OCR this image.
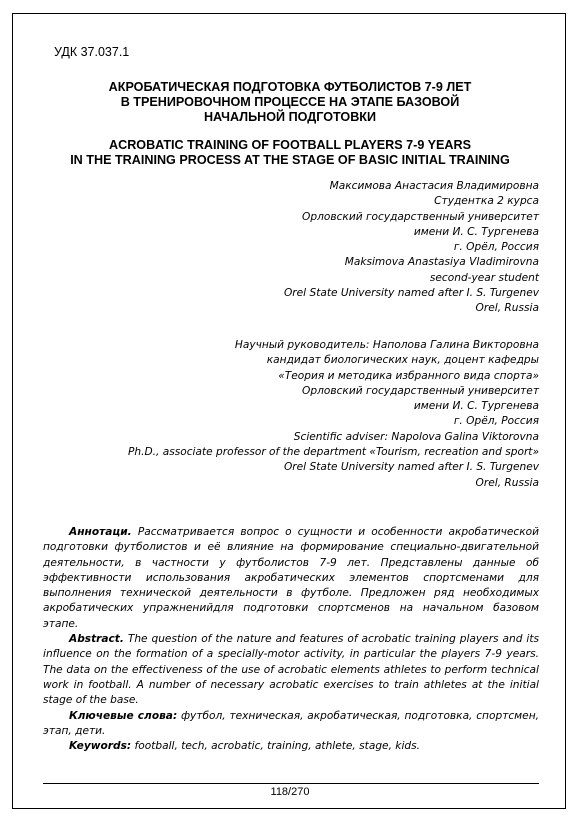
УДК 37.037.1
АКРОБАТИЧЕСКАЯ ПОДГОТОВКА ФУТБОЛИСТОВ 7-9 ЛЕТ
В ТРЕНИРОВОЧНОМ ПРОЦЕССЕ НА ЭТАПЕ БАЗОВОЙ
НАЧАЛЬНОЙ ПОДГОТОВКИ
ACROBATIC TRAINING OF FOOTBALL PLAYERS 7-9 YEARS
IN THE TRAINING PROCESS AT THE STAGE OF BASIC INITIAL TRAINING
Максимова Анастасия Владимировна
Студентка 2 курса
Орловский государственный университет
имени И. С. Тургенева
г. Орёл, Россия
Maksimova Anastasiya Vladimirovna
second-year student
Orel State University named after I. S. Turgenev
Orel, Russia
Научный руководитель: Наполова Галина Викторовна
кандидат биологических наук, доцент кафедры
«Теория и методика избранного вида спорта»
Орловский государственный университет
имени И. С. Тургенева
г. Орёл, Россия
Scientific adviser: Napolova Galina Viktorovna
Ph.D., associate professor of the department «Tourism, recreation and sport»
Orel State University named after I. S. Turgenev
Orel, Russia

Аннотаци. Рассматривается вопрос о сущности и особенности акробатической подготовки футболистов и её влияние на формирование специально-двигательной деятельности, в частности у футболистов 7-9 лет. Представлены данные об эффективности использования акробатических элементов спортсменами для выполнения технической деятельности в футболе. Предложен ряд необходимых акробатических упражненийдля подготовки спортсменов на начальном базовом этапе.

Abstract. The question of the nature and features of acrobatic training players and its influence on the formation of a specially-motor activity, in particular the players 7-9 years. The data on the effectiveness of the use of acrobatic elements athletes to perform technical work in football. A number of necessary acrobatic exercises to train athletes at the initial stage of the base.

Ключевые слова: футбол, техническая, акробатическая, подготовка, спортсмен, этап, дети.

Keywords: football, tech, acrobatic, training, athlete, stage, kids.

118/270
